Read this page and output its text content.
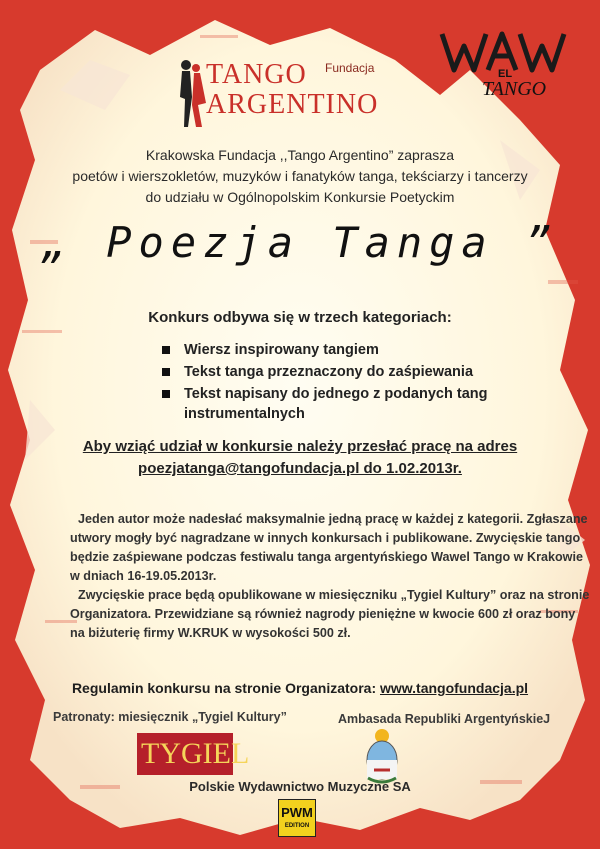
Fundacja
TANGO
ARGENTINO
EL
TANGO
Krakowska Fundacja ,,Tango Argentino” zaprasza
poetów i wierszokletów, muzyków i fanatyków tanga, tekściarzy i tancerzy
do udziału w Ogólnopolskim Konkursie Poetyckim
„ Poezja Tanga ”
Konkurs odbywa się w trzech kategoriach:
Wiersz inspirowany tangiem
Tekst tanga przeznaczony do zaśpiewania
Tekst napisany do jednego z podanych tang instrumentalnych
Aby wziąć udział w konkursie należy przesłać pracę na adres
poezjatanga@tangofundacja.pl do 1.02.2013r.

Jeden autor może nadesłać maksymalnie jedną pracę w każdej z kategorii. Zgłaszane utwory mogły być nagradzane w innych konkursach i publikowane. Zwycięskie tango będzie zaśpiewane podczas festiwalu tanga argentyńskiego Wawel Tango w Krakowie w dniach 16-19.05.2013r.

Zwycięskie prace będą opublikowane w miesięczniku „Tygiel Kultury” oraz na stronie Organizatora. Przewidziane są również nagrody pieniężne w kwocie 600 zł oraz bony na biżuterię firmy W.KRUK w wysokości 500 zł.

Regulamin konkursu na stronie Organizatora: www.tangofundacja.pl
Patronaty: miesięcznik „Tygiel Kultury”	Ambasada Republiki ArgentyńskieJ
TYGIEL
Polskie Wydawnictwo Muzyczne SA
PWM
EDITION
